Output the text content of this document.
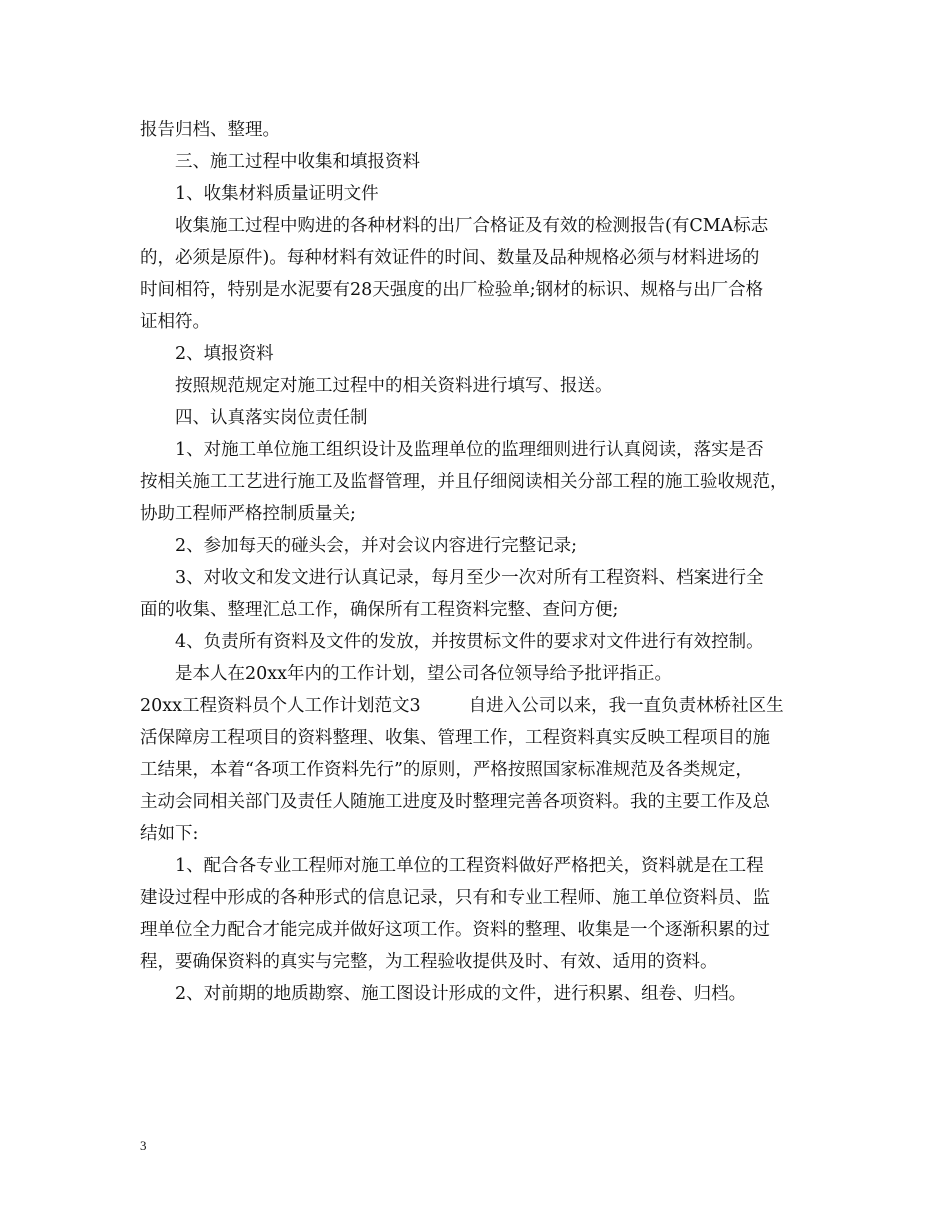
报告归档、整理。
三、施工过程中收集和填报资料
1、收集材料质量证明文件
收集施工过程中购进的各种材料的出厂合格证及有效的检测报告(有CMA标志
的，必须是原件)。每种材料有效证件的时间、数量及品种规格必须与材料进场的
时间相符，特别是水泥要有28天强度的出厂检验单;钢材的标识、规格与出厂合格
证相符。
2、填报资料
按照规范规定对施工过程中的相关资料进行填写、报送。
四、认真落实岗位责任制
1、对施工单位施工组织设计及监理单位的监理细则进行认真阅读，落实是否
按相关施工工艺进行施工及监督管理，并且仔细阅读相关分部工程的施工验收规范，
协助工程师严格控制质量关;
2、参加每天的碰头会，并对会议内容进行完整记录;
3、对收文和发文进行认真记录，每月至少一次对所有工程资料、档案进行全
面的收集、整理汇总工作，确保所有工程资料完整、查问方便;
4、负责所有资料及文件的发放，并按贯标文件的要求对文件进行有效控制。
是本人在20xx年内的工作计划，望公司各位领导给予批评指正。
20xx工程资料员个人工作计划范文3	自进入公司以来，我一直负责林桥社区生
活保障房工程项目的资料整理、收集、管理工作，工程资料真实反映工程项目的施
工结果，本着“各项工作资料先行”的原则，严格按照国家标准规范及各类规定，
主动会同相关部门及责任人随施工进度及时整理完善各项资料。我的主要工作及总
结如下:
1、配合各专业工程师对施工单位的工程资料做好严格把关，资料就是在工程
建设过程中形成的各种形式的信息记录，只有和专业工程师、施工单位资料员、监
理单位全力配合才能完成并做好这项工作。资料的整理、收集是一个逐渐积累的过
程，要确保资料的真实与完整，为工程验收提供及时、有效、适用的资料。
2、对前期的地质勘察、施工图设计形成的文件，进行积累、组卷、归档。
3
